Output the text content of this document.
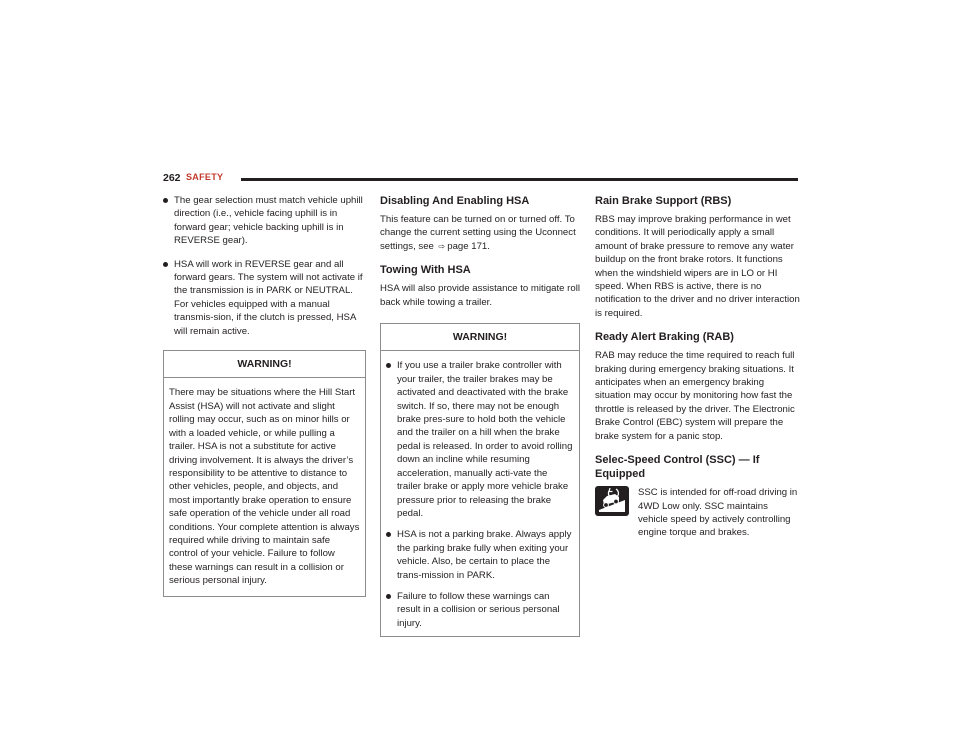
262 SAFETY
The gear selection must match vehicle uphill direction (i.e., vehicle facing uphill is in forward gear; vehicle backing uphill is in REVERSE gear).
HSA will work in REVERSE gear and all forward gears. The system will not activate if the transmission is in PARK or NEUTRAL. For vehicles equipped with a manual transmis-sion, if the clutch is pressed, HSA will remain active.
WARNING!

There may be situations where the Hill Start Assist (HSA) will not activate and slight rolling may occur, such as on minor hills or with a loaded vehicle, or while pulling a trailer. HSA is not a substitute for active driving involvement. It is always the driver’s responsibility to be attentive to distance to other vehicles, people, and objects, and most importantly brake operation to ensure safe operation of the vehicle under all road conditions. Your complete attention is always required while driving to maintain safe control of your vehicle. Failure to follow these warnings can result in a collision or serious personal injury.

Disabling And Enabling HSA

This feature can be turned on or turned off. To change the current setting using the Uconnect settings, see ⇨ page 171.

Towing With HSA

HSA will also provide assistance to mitigate roll back while towing a trailer.

WARNING!
If you use a trailer brake controller with your trailer, the trailer brakes may be activated and deactivated with the brake switch. If so, there may not be enough brake pres-sure to hold both the vehicle and the trailer on a hill when the brake pedal is released. In order to avoid rolling down an incline while resuming acceleration, manually acti-vate the trailer brake or apply more vehicle brake pressure prior to releasing the brake pedal.
HSA is not a parking brake. Always apply the parking brake fully when exiting your vehicle. Also, be certain to place the trans-mission in PARK.
Failure to follow these warnings can result in a collision or serious personal injury.
Rain Brake Support (RBS)

RBS may improve braking performance in wet conditions. It will periodically apply a small amount of brake pressure to remove any water buildup on the front brake rotors. It functions when the windshield wipers are in LO or HI speed. When RBS is active, there is no notification to the driver and no driver interaction is required.

Ready Alert Braking (RAB)

RAB may reduce the time required to reach full braking during emergency braking situations. It anticipates when an emergency braking situation may occur by monitoring how fast the throttle is released by the driver. The Electronic Brake Control (EBC) system will prepare the brake system for a panic stop.

Selec-Speed Control (SSC) — If Equipped
SSC is intended for off-road driving in 4WD Low only. SSC maintains vehicle speed by actively controlling engine torque and brakes.
